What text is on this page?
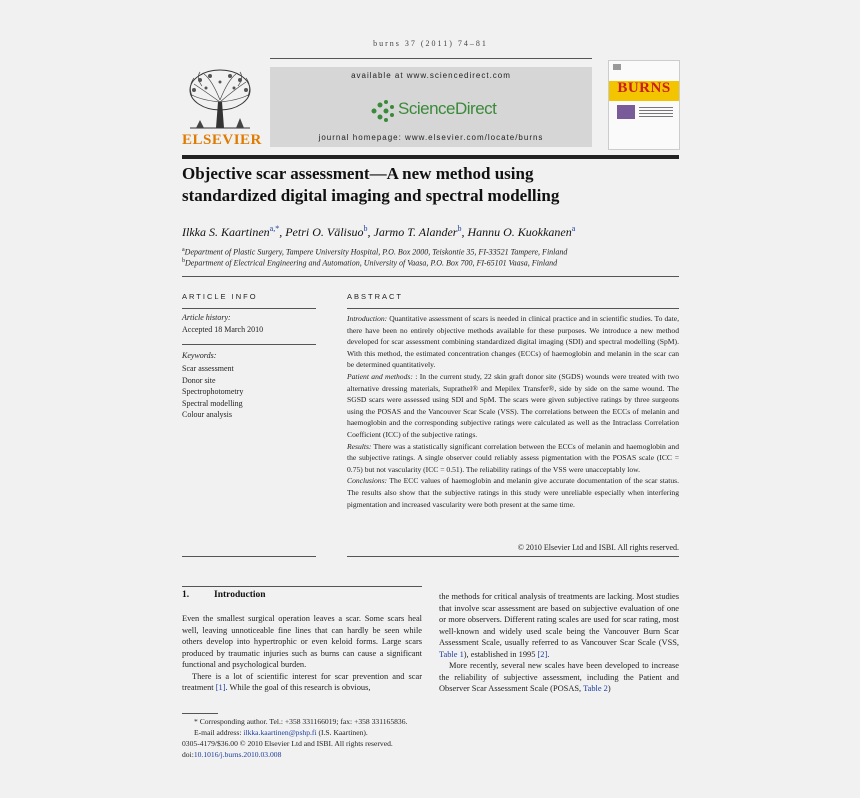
burns 37 (2011) 74–81
ELSEVIER
available at www.sciencedirect.com
ScienceDirect
journal homepage: www.elsevier.com/locate/burns
BURNS
Objective scar assessment—A new method using
standardized digital imaging and spectral modelling
Ilkka S. Kaartinen$^{a,*}$, Petri O. Välisuo$^b$, Jarmo T. Alander$^b$, Hannu O. Kuokkanen$^a$
$^a$Department of Plastic Surgery, Tampere University Hospital, P.O. Box 2000, Teiskontie 35, FI-33521 Tampere, Finland
$^b$Department of Electrical Engineering and Automation, University of Vaasa, P.O. Box 700, FI-65101 Vaasa, Finland
ARTICLE INFO
Article history:
Accepted 18 March 2010
Keywords:
Scar assessment
Donor site
Spectrophotometry
Spectral modelling
Colour analysis
ABSTRACT
Introduction: Quantitative assessment of scars is needed in clinical practice and in scientific studies. To date, there have been no entirely objective methods available for these purposes. We introduce a new method developed for scar assessment combining standardized digital imaging (SDI) and spectral modelling (SpM). With this method, the estimated concentration changes (ECCs) of haemoglobin and melanin in the scar can be determined quantitatively.
Patient and methods: : In the current study, 22 skin graft donor site (SGDS) wounds were treated with two alternative dressing materials, Suprathel® and Mepilex Transfer®, side by side on the same wound. The SGSD scars were assessed using SDI and SpM. The scars were given subjective ratings by three surgeons using the POSAS and the Vancouver Scar Scale (VSS). The correlations between the ECCs of melanin and haemoglobin and the corresponding subjective ratings were calculated as well as the Intraclass Correlation Coefficient (ICC) of the subjective ratings.
Results: There was a statistically significant correlation between the ECCs of melanin and haemoglobin and the subjective ratings. A single observer could reliably assess pigmentation with the POSAS scale (ICC = 0.75) but not vascularity (ICC = 0.51). The reliability ratings of the VSS were unacceptably low.
Conclusions: The ECC values of haemoglobin and melanin give accurate documentation of the scar status. The results also show that the subjective ratings in this study were unreliable especially when interfering pigmentation and increased vascularity were both present at the same time.
© 2010 Elsevier Ltd and ISBI. All rights reserved.
1.	Introduction

Even the smallest surgical operation leaves a scar. Some scars heal well, leaving unnoticeable fine lines that can hardly be seen while others develop into hypertrophic or even keloid forms. Large scars produced by traumatic injuries such as burns can cause a significant functional and psychological burden.

There is a lot of scientific interest for scar prevention and scar treatment [1]. While the goal of this research is obvious,

the methods for critical analysis of treatments are lacking. Most studies that involve scar assessment are based on subjective evaluation of one or more observers. Different rating scales are used for scar rating, most well-known and widely used scale being the Vancouver Burn Scar Assessment Scale, usually referred to as Vancouver Scar Scale (VSS, Table 1), established in 1995 [2].

More recently, several new scales have been developed to increase the reliability of subjective assessment, including the Patient and Observer Scar Assessment Scale (POSAS, Table 2)

* Corresponding author. Tel.: +358 331166019; fax: +358 331165836.
E-mail address: ilkka.kaartinen@pshp.fi (I.S. Kaartinen).
0305-4179/$36.00 © 2010 Elsevier Ltd and ISBI. All rights reserved.
doi:10.1016/j.burns.2010.03.008
